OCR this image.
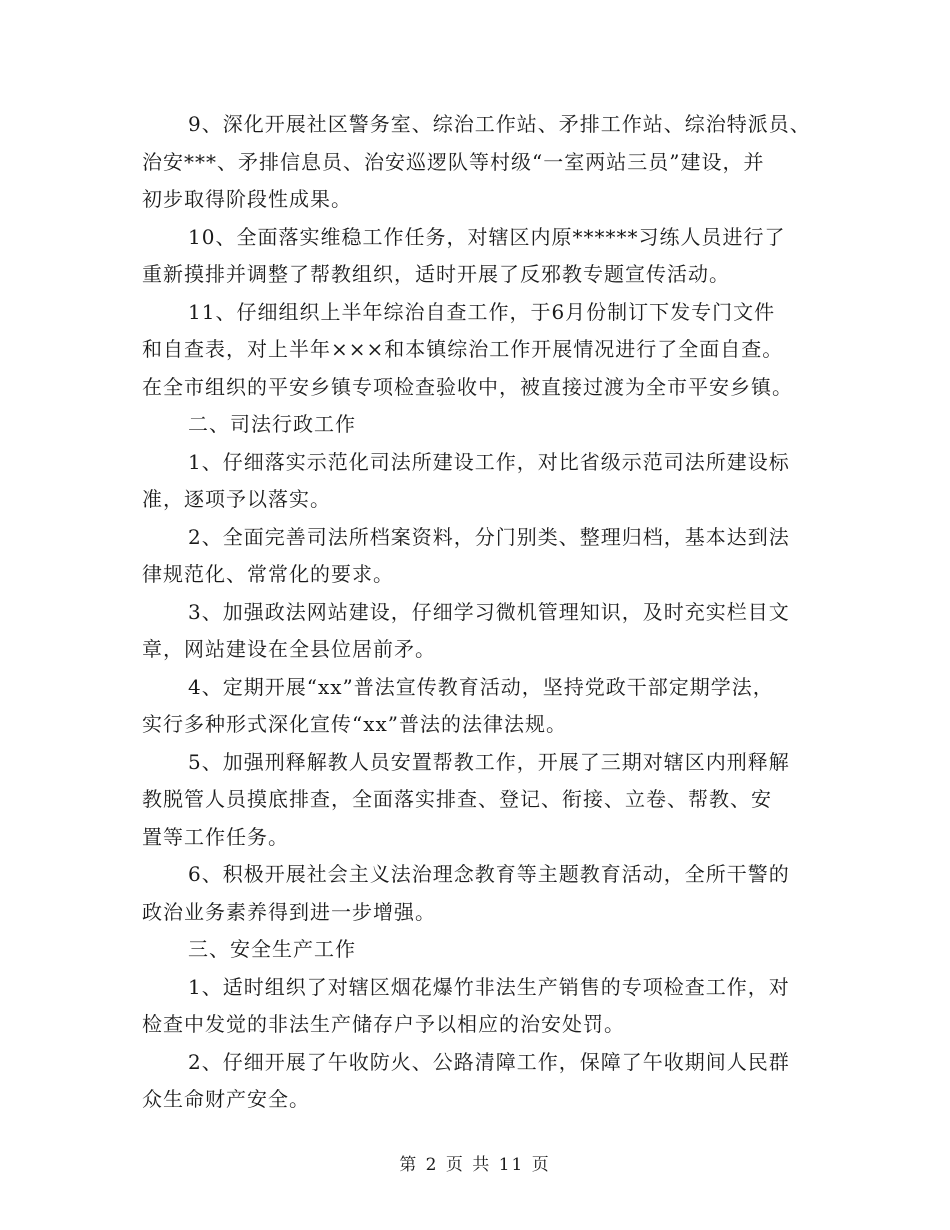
9、深化开展社区警务室、综治工作站、矛排工作站、综治特派员、
治安***、矛排信息员、治安巡逻队等村级“一室两站三员”建设，并
初步取得阶段性成果。

10、全面落实维稳工作任务，对辖区内原******习练人员进行了
重新摸排并调整了帮教组织，适时开展了反邪教专题宣传活动。

11、仔细组织上半年综治自查工作，于6月份制订下发专门文件
和自查表，对上半年×××和本镇综治工作开展情况进行了全面自查。
在全市组织的平安乡镇专项检查验收中，被直接过渡为全市平安乡镇。

二、司法行政工作

1、仔细落实示范化司法所建设工作，对比省级示范司法所建设标
准，逐项予以落实。

2、全面完善司法所档案资料，分门别类、整理归档，基本达到法
律规范化、常常化的要求。

3、加强政法网站建设，仔细学习微机管理知识，及时充实栏目文
章，网站建设在全县位居前矛。

4、定期开展“xx”普法宣传教育活动，坚持党政干部定期学法，
实行多种形式深化宣传“xx”普法的法律法规。

5、加强刑释解教人员安置帮教工作，开展了三期对辖区内刑释解
教脱管人员摸底排查，全面落实排查、登记、衔接、立卷、帮教、安
置等工作任务。

6、积极开展社会主义法治理念教育等主题教育活动，全所干警的
政治业务素养得到进一步增强。

三、安全生产工作

1、适时组织了对辖区烟花爆竹非法生产销售的专项检查工作，对
检查中发觉的非法生产储存户予以相应的治安处罚。

2、仔细开展了午收防火、公路清障工作，保障了午收期间人民群
众生命财产安全。

第 2 页 共 11 页
